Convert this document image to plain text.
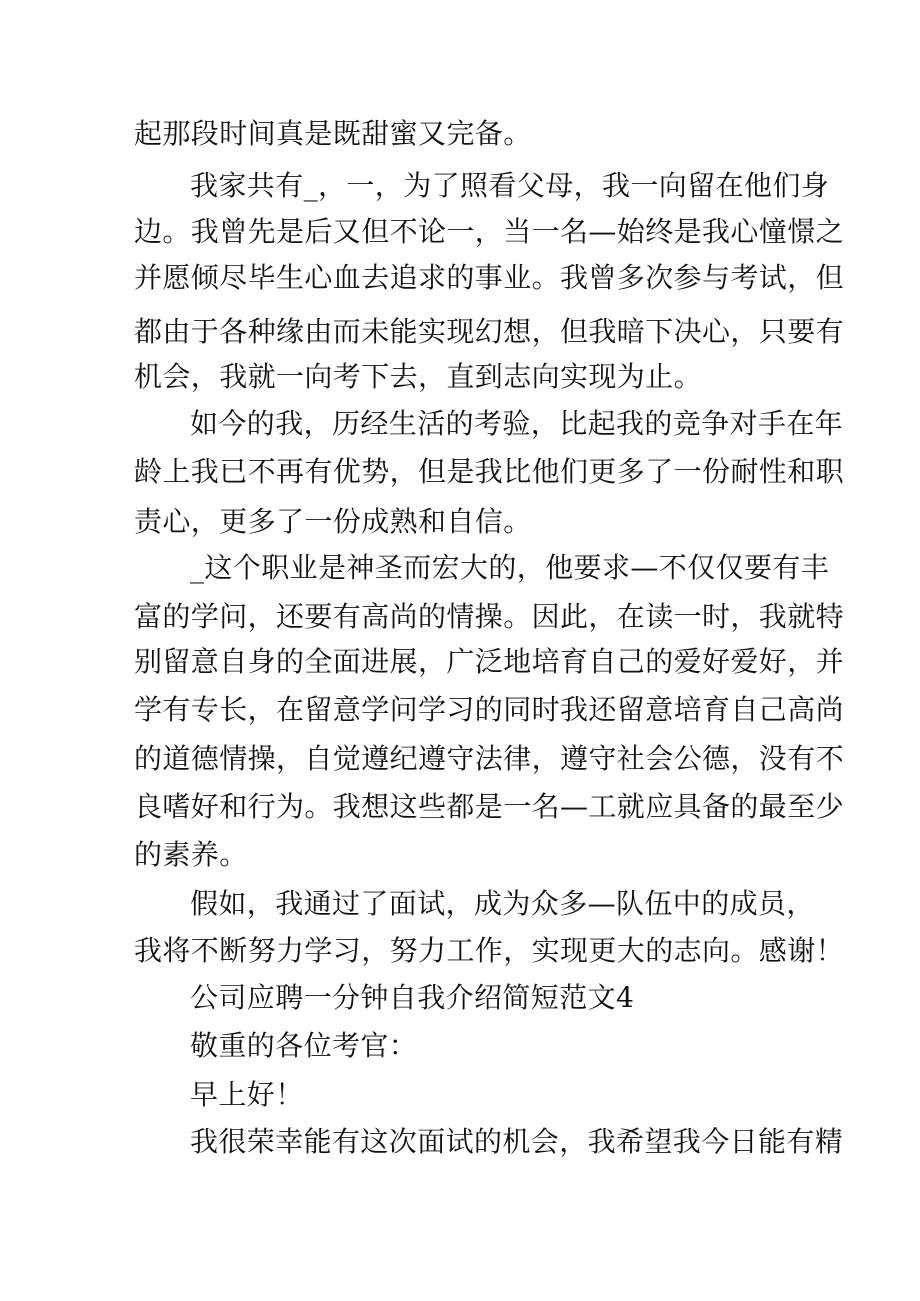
起那段时间真是既甜蜜又完备。
我家共有_，一，为了照看父母，我一向留在他们身
边。我曾先是后又但不论一，当一名—始终是我心憧憬之
并愿倾尽毕生心血去追求的事业。我曾多次参与考试，但
都由于各种缘由而未能实现幻想，但我暗下决心，只要有
机会，我就一向考下去，直到志向实现为止。
如今的我，历经生活的考验，比起我的竞争对手在年
龄上我已不再有优势，但是我比他们更多了一份耐性和职
责心，更多了一份成熟和自信。
_这个职业是神圣而宏大的，他要求—不仅仅要有丰
富的学问，还要有高尚的情操。因此，在读一时，我就特
别留意自身的全面进展，广泛地培育自己的爱好爱好，并
学有专长，在留意学问学习的同时我还留意培育自己高尚
的道德情操，自觉遵纪遵守法律，遵守社会公德，没有不
良嗜好和行为。我想这些都是一名—工就应具备的最至少
的素养。
假如，我通过了面试，成为众多—队伍中的成员，
我将不断努力学习，努力工作，实现更大的志向。感谢！
公司应聘一分钟自我介绍简短范文4
敬重的各位考官：
早上好！
我很荣幸能有这次面试的机会，我希望我今日能有精
